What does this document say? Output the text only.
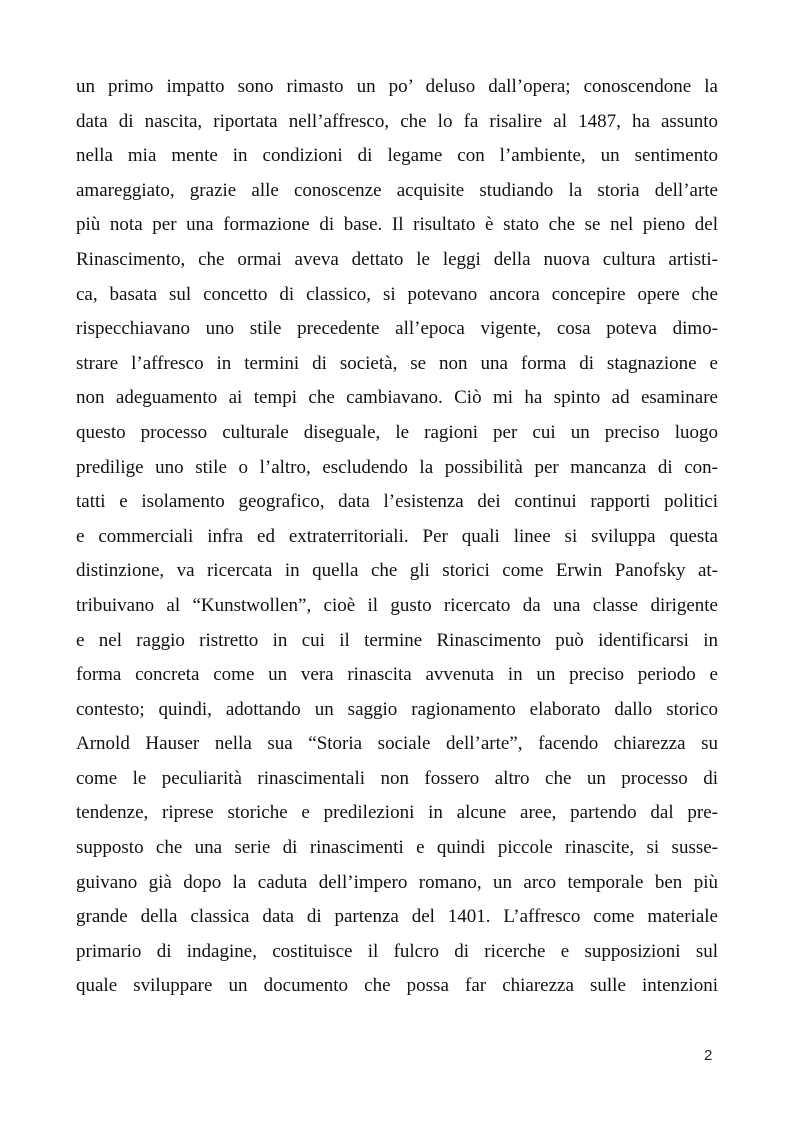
un primo impatto sono rimasto un po’ deluso dall’opera; conoscendone la
data di nascita, riportata nell’affresco, che lo fa risalire al 1487, ha assunto
nella mia mente in condizioni di legame con l’ambiente, un sentimento
amareggiato, grazie alle conoscenze acquisite studiando la storia dell’arte
più nota per una formazione di base. Il risultato è stato che se nel pieno del
Rinascimento, che ormai aveva dettato le leggi della nuova cultura artisti-
ca, basata sul concetto di classico, si potevano ancora concepire opere che
rispecchiavano uno stile precedente all’epoca vigente, cosa poteva dimo-
strare l’affresco in termini di società, se non una forma di stagnazione e
non adeguamento ai tempi che cambiavano. Ciò mi ha spinto ad esaminare
questo processo culturale diseguale, le ragioni per cui un preciso luogo
predilige uno stile o l’altro, escludendo la possibilità per mancanza di con-
tatti e isolamento geografico, data l’esistenza dei continui rapporti politici
e commerciali infra ed extraterritoriali. Per quali linee si sviluppa questa
distinzione, va ricercata in quella che gli storici come Erwin Panofsky at-
tribuivano al “Kunstwollen”, cioè il gusto ricercato da una classe dirigente
e nel raggio ristretto in cui il termine Rinascimento può identificarsi in
forma concreta come un vera rinascita avvenuta in un preciso periodo e
contesto; quindi, adottando un saggio ragionamento elaborato dallo storico
Arnold Hauser nella sua “Storia sociale dell’arte”, facendo chiarezza su
come le peculiarità rinascimentali non fossero altro che un processo di
tendenze, riprese storiche e predilezioni in alcune aree, partendo dal pre-
supposto che una serie di rinascimenti e quindi piccole rinascite, si susse-
guivano già dopo la caduta dell’impero romano, un arco temporale ben più
grande della classica data di partenza del 1401. L’affresco come materiale
primario di indagine, costituisce il fulcro di ricerche e supposizioni sul
quale sviluppare un documento che possa far chiarezza sulle intenzioni
2
